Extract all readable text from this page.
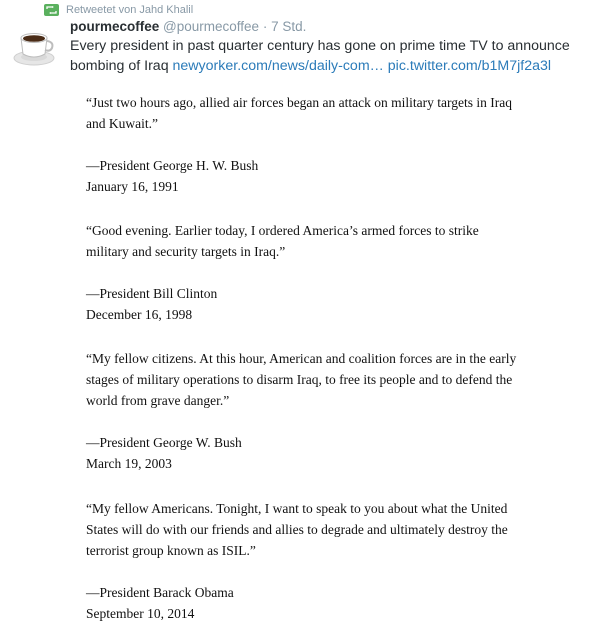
Retweetet von Jahd Khalil
pourmecoffee @pourmecoffee · 7 Std.
Every president in past quarter century has gone on prime time TV to announce
bombing of Iraq newyorker.com/news/daily-com… pic.twitter.com/b1M7jf2a3l
“Just two hours ago, allied air forces began an attack on military targets in Iraq
and Kuwait.”
—President George H. W. Bush
January 16, 1991
“Good evening. Earlier today, I ordered America’s armed forces to strike
military and security targets in Iraq.”
—President Bill Clinton
December 16, 1998
“My fellow citizens. At this hour, American and coalition forces are in the early
stages of military operations to disarm Iraq, to free its people and to defend the
world from grave danger.”
—President George W. Bush
March 19, 2003
“My fellow Americans. Tonight, I want to speak to you about what the United
States will do with our friends and allies to degrade and ultimately destroy the
terrorist group known as ISIL.”
—President Barack Obama
September 10, 2014
